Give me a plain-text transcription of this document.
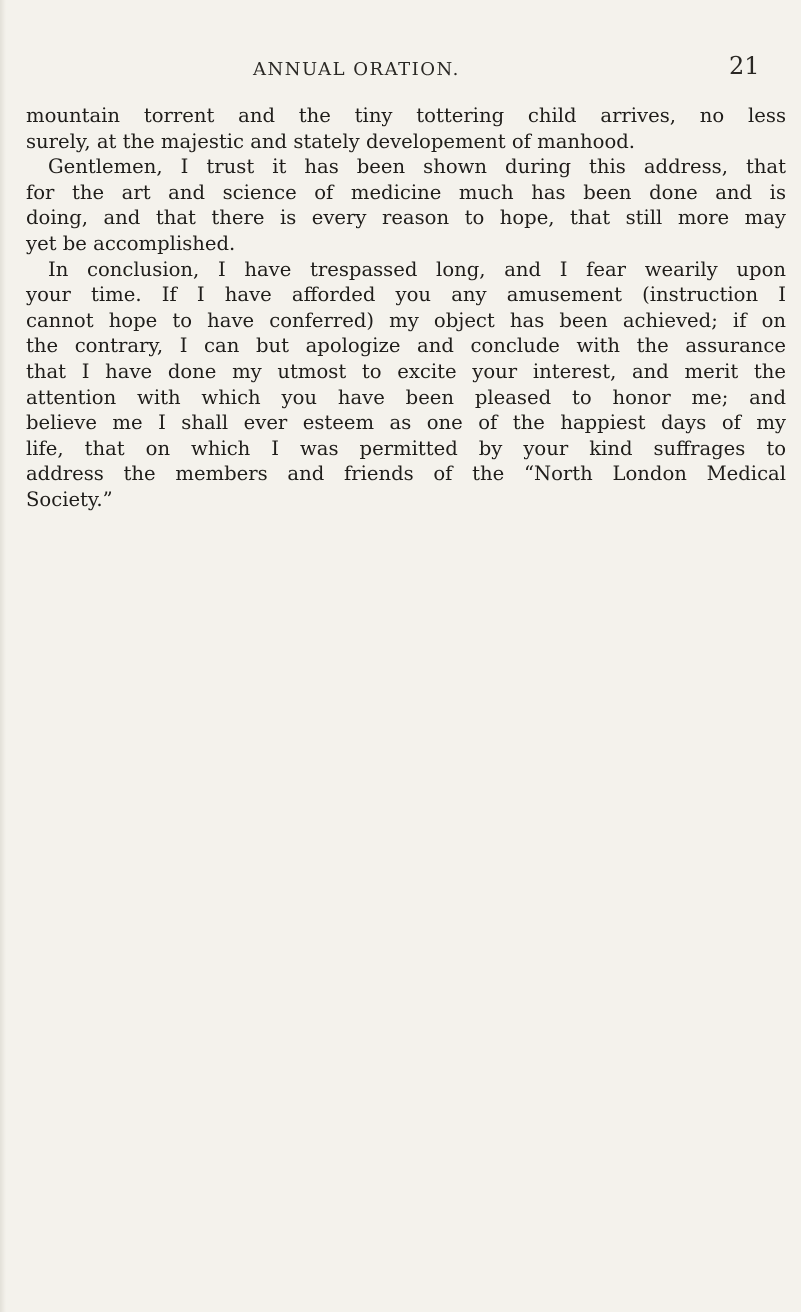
ANNUAL ORATION.	21
mountain torrent and the tiny tottering child arrives, no less
surely, at the majestic and stately developement of manhood.
Gentlemen, I trust it has been shown during this address, that
for the art and science of medicine much has been done and is
doing, and that there is every reason to hope, that still more may
yet be accomplished.
In conclusion, I have trespassed long, and I fear wearily upon
your time. If I have afforded you any amusement (instruction I
cannot hope to have conferred) my object has been achieved; if on
the contrary, I can but apologize and conclude with the assurance
that I have done my utmost to excite your interest, and merit the
attention with which you have been pleased to honor me; and
believe me I shall ever esteem as one of the happiest days of my
life, that on which I was permitted by your kind suffrages to
address the members and friends of the “North London Medical
Society.”
